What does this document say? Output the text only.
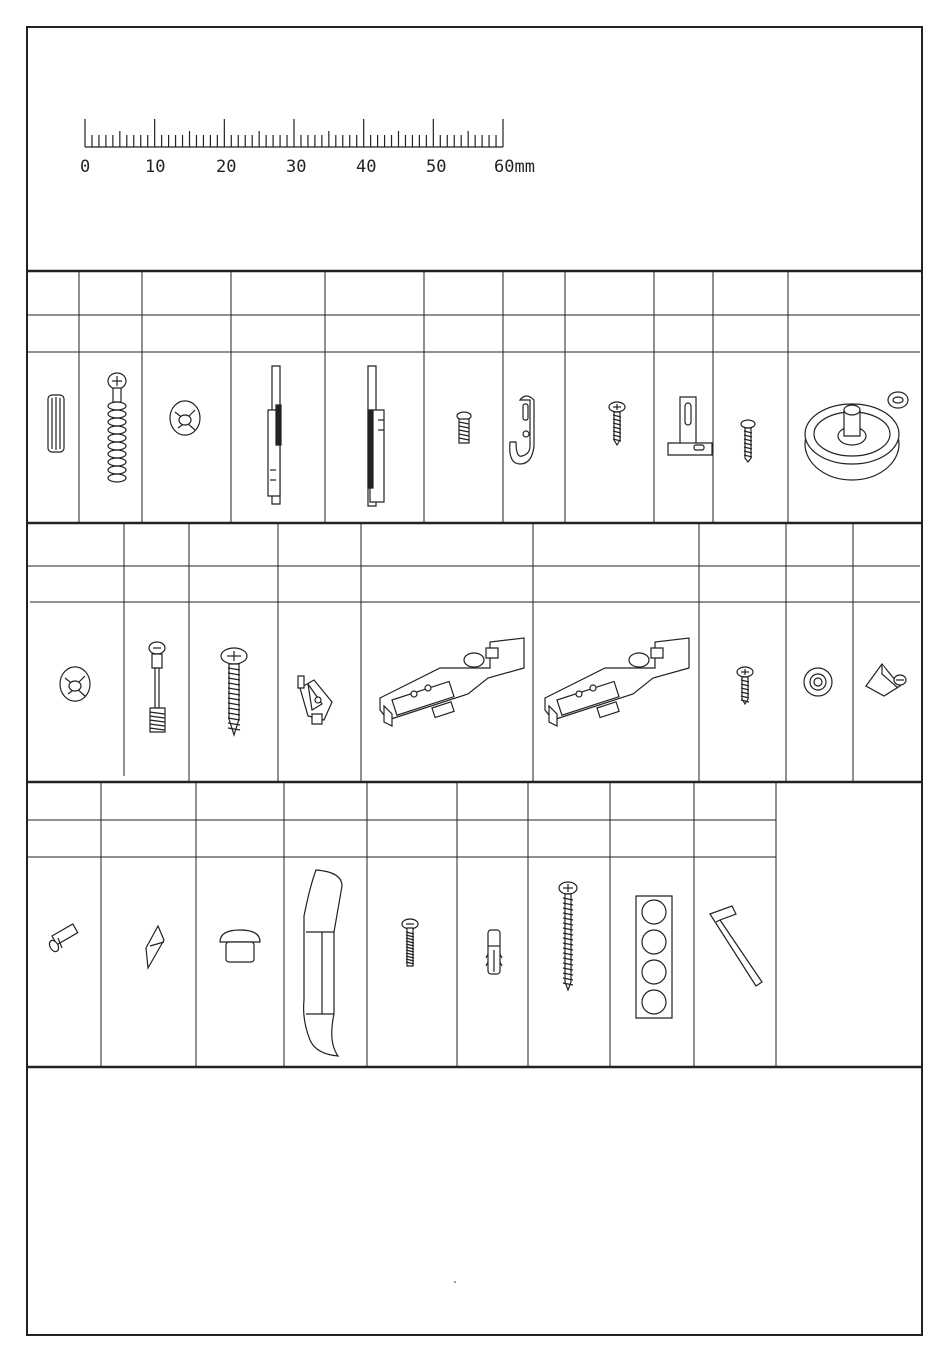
0	10	20	30	40	50	60mm
